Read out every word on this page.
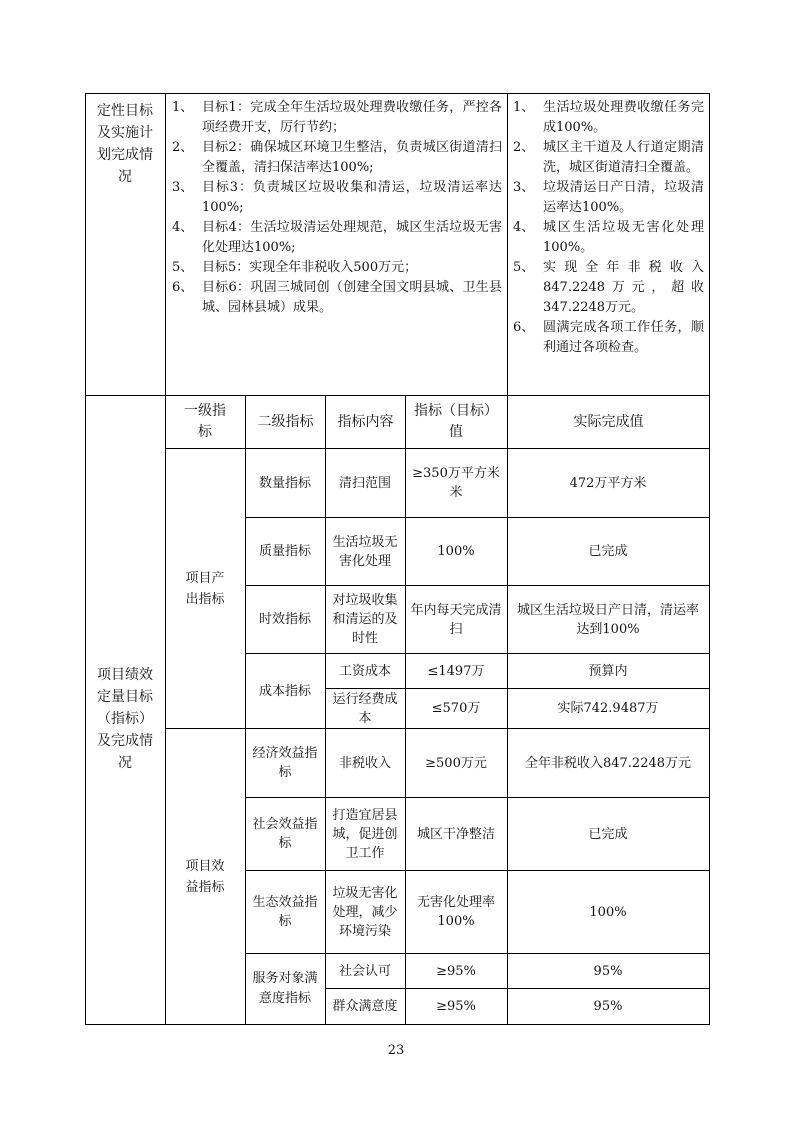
定性目标及实施计划完成情况
1、 目标1：完成全年生活垃圾处理费收缴任务，严控各项经费开支，厉行节约；
2、 目标2：确保城区环境卫生整洁，负责城区街道清扫全覆盖，清扫保洁率达100%;
3、 目标3：负责城区垃圾收集和清运，垃圾清运率达100%;
4、 目标4：生活垃圾清运处理规范，城区生活垃圾无害化处理达100%;
5、 目标5：实现全年非税收入500万元；
6、 目标6：巩固三城同创（创建全国文明县城、卫生县城、园林县城）成果。
1、 生活垃圾处理费收缴任务完成100%。
2、 城区主干道及人行道定期清洗，城区街道清扫全覆盖。
3、 垃圾清运日产日清，垃圾清运率达100%。
4、 城区生活垃圾无害化处理100%。
5、 实现全年非税收入847.2248万元，超收347.2248万元。
6、 圆满完成各项工作任务，顺利通过各项检查。
项目绩效定量目标（指标）及完成情况
一级指标
二级指标	指标内容
指标（目标）值
实际完成值
项目产出指标
项目效益指标
数量指标
质量指标
时效指标
成本指标
经济效益指标
社会效益指标
生态效益指标
服务对象满意度指标
清扫范围
生活垃圾无害化处理
对垃圾收集和清运的及时性
工资成本
运行经费成本
非税收入
打造宜居县城，促进创卫工作
垃圾无害化处理，减少环境污染
社会认可
群众满意度
≥350万平方米米
100%
年内每天完成清扫
≤1497万
≤570万
≥500万元
城区干净整洁
无害化处理率100%
≥95%
≥95%
472万平方米
已完成
城区生活垃圾日产日清，清运率达到100%
预算内
实际742.9487万
全年非税收入847.2248万元
已完成
100%
95%
95%
23
